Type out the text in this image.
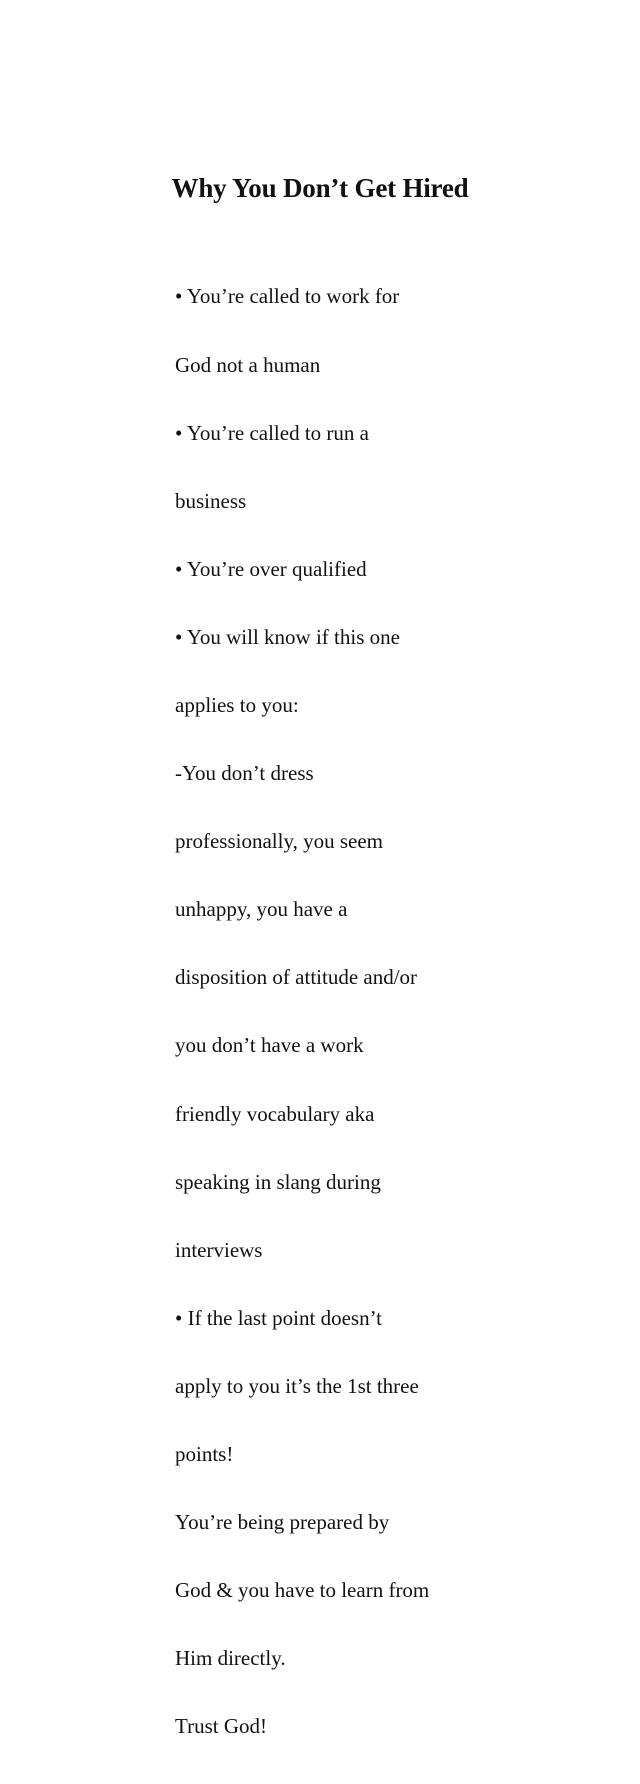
Why You Don’t Get Hired

• You’re called to work for

God not a human

• You’re called to run a

business

• You’re over qualified

• You will know if this one

applies to you:

-You don’t dress

professionally, you seem

unhappy, you have a

disposition of attitude and/or

you don’t have a work

friendly vocabulary aka

speaking in slang during

interviews

• If the last point doesn’t

apply to you it’s the 1st three

points!

You’re being prepared by

God & you have to learn from

Him directly.

Trust God!
